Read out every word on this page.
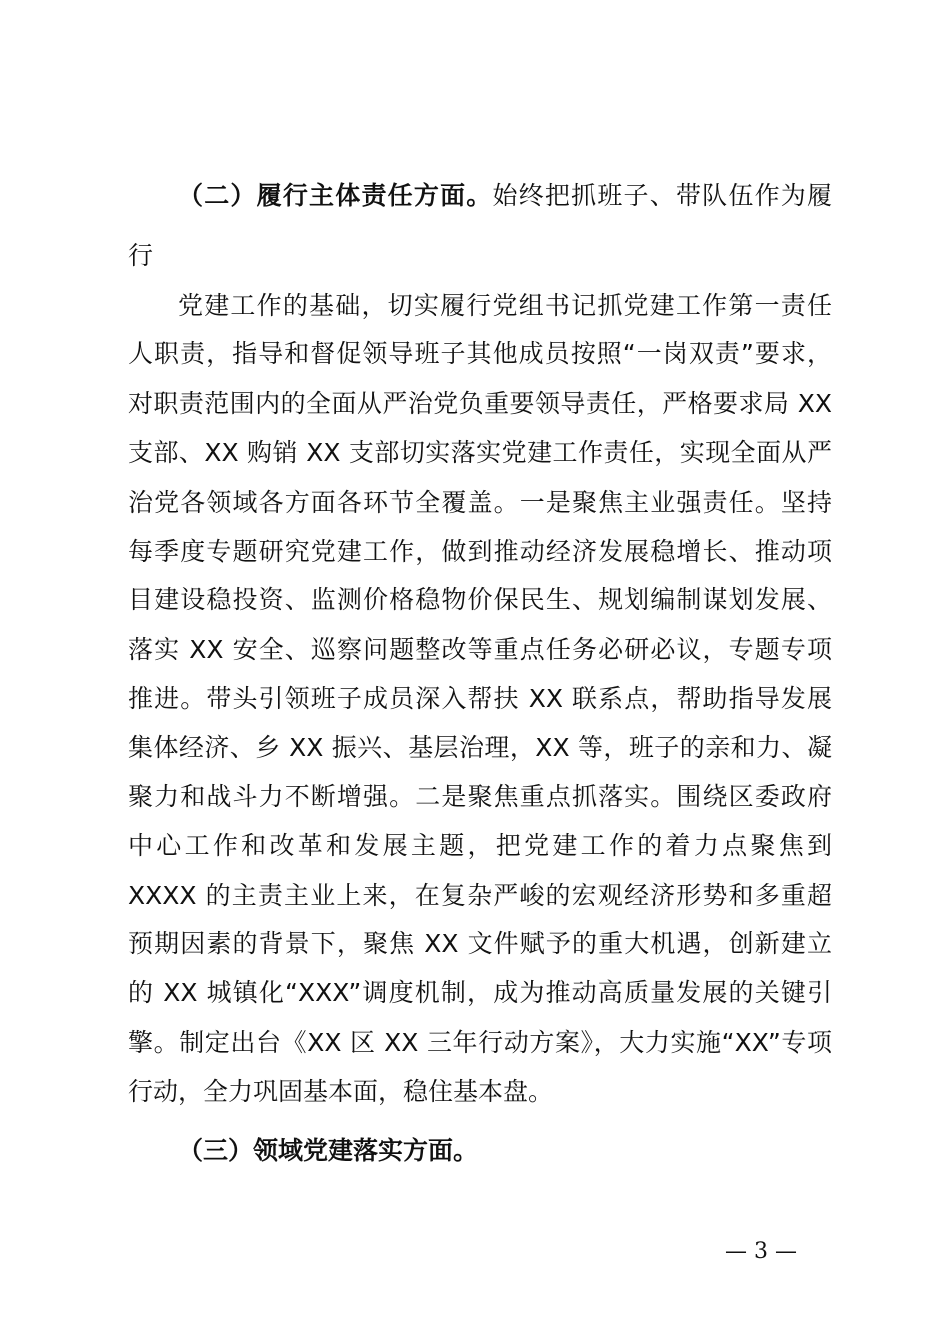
（二）履行主体责任方面。始终把抓班子、带队伍作为履
行
党建工作的基础，切实履行党组书记抓党建工作第一责任
人职责，指导和督促领导班子其他成员按照“一岗双责”要求，
对职责范围内的全面从严治党负重要领导责任，严格要求局 XX
支部、XX 购销 XX 支部切实落实党建工作责任，实现全面从严
治党各领域各方面各环节全覆盖。一是聚焦主业强责任。坚持
每季度专题研究党建工作，做到推动经济发展稳增长、推动项
目建设稳投资、监测价格稳物价保民生、规划编制谋划发展、
落实 XX 安全、巡察问题整改等重点任务必研必议，专题专项
推进。带头引领班子成员深入帮扶 XX 联系点，帮助指导发展
集体经济、乡 XX 振兴、基层治理，XX 等，班子的亲和力、凝
聚力和战斗力不断增强。二是聚焦重点抓落实。围绕区委政府
中心工作和改革和发展主题，把党建工作的着力点聚焦到
XXXX 的主责主业上来，在复杂严峻的宏观经济形势和多重超
预期因素的背景下，聚焦 XX 文件赋予的重大机遇，创新建立
的 XX 城镇化“XXX”调度机制，成为推动高质量发展的关键引
擎。制定出台《XX 区 XX 三年行动方案》，大力实施“XX”专项
行动，全力巩固基本面，稳住基本盘。
（三）领域党建落实方面。
— 3 —
